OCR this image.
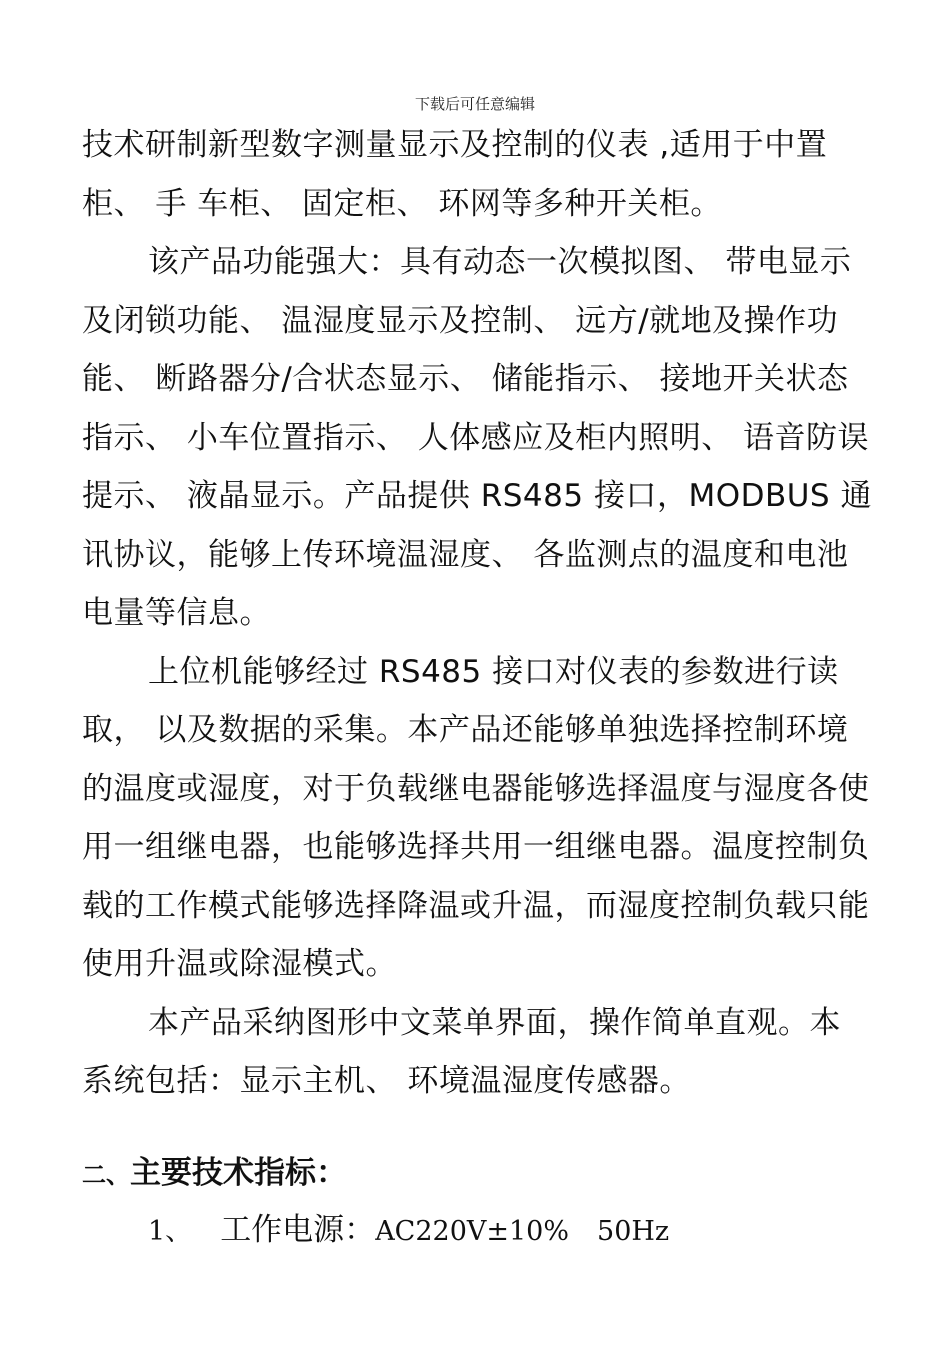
下载后可任意编辑

技术研制新型数字测量显示及控制的仪表 ,适用于中置柜、 手 车柜、 固定柜、 环网等多种开关柜。

该产品功能强大：具有动态一次模拟图、 带电显示及闭锁功能、 温湿度显示及控制、 远方/就地及操作功能、 断路器分/合状态显示、 储能指示、 接地开关状态指示、 小车位置指示、 人体感应及柜内照明、 语音防误提示、 液晶显示。产品提供 RS485 接口，MODBUS 通讯协议，能够上传环境温湿度、 各监测点的温度和电池电量等信息。

上位机能够经过 RS485 接口对仪表的参数进行读取， 以及数据的采集。本产品还能够单独选择控制环境的温度或湿度，对于负载继电器能够选择温度与湿度各使用一组继电器，也能够选择共用一组继电器。温度控制负载的工作模式能够选择降温或升温，而湿度控制负载只能使用升温或除湿模式。

本产品采纳图形中文菜单界面，操作简单直观。本系统包括：显示主机、 环境温湿度传感器。

二、主要技术指标：
1、 工作电源：AC220V±10% 50Hz
